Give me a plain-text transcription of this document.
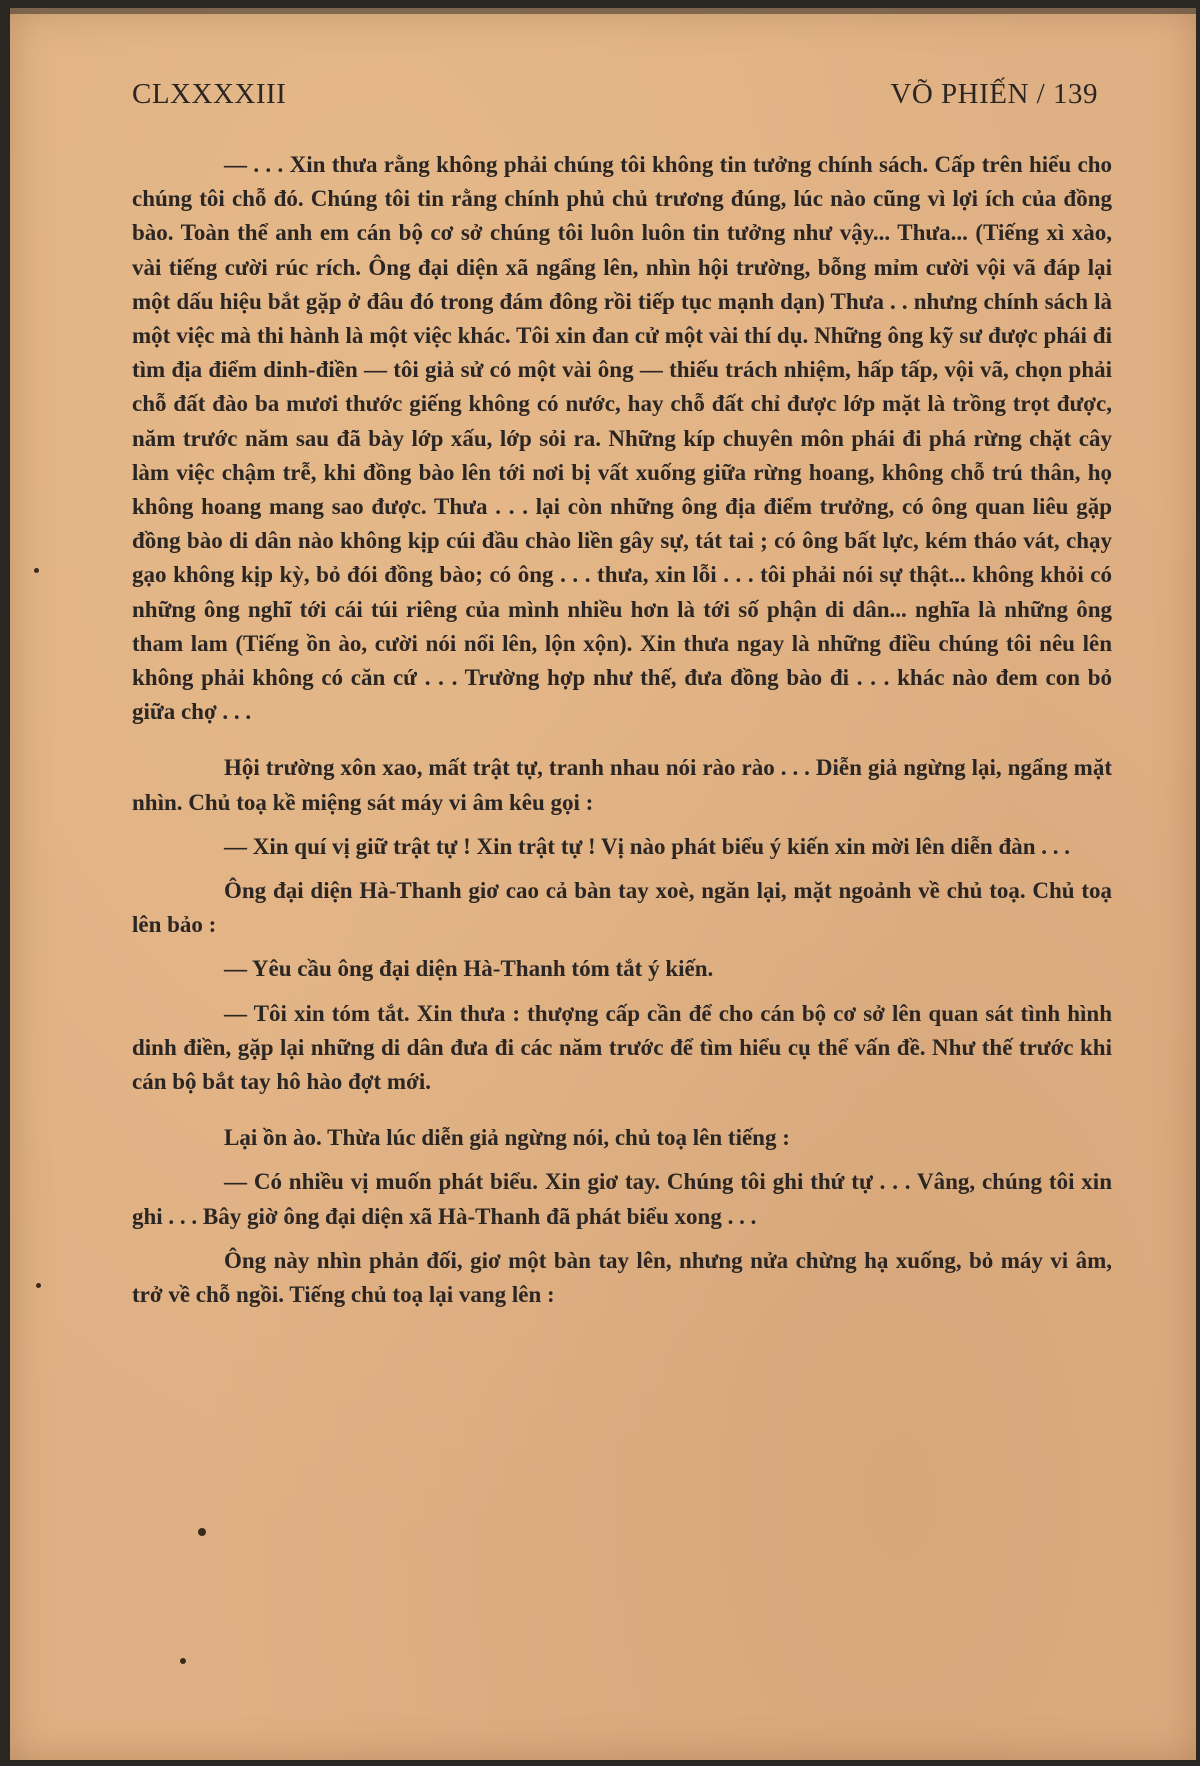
CLXXXXIII	VÕ PHIẾN / 139

— . . . Xin thưa rằng không phải chúng tôi không tin tưởng chính sách. Cấp trên hiểu cho chúng tôi chỗ đó. Chúng tôi tin rằng chính phủ chủ trương đúng, lúc nào cũng vì lợi ích của đồng bào. Toàn thể anh em cán bộ cơ sở chúng tôi luôn luôn tin tưởng như vậy... Thưa... (Tiếng xì xào, vài tiếng cười rúc rích. Ông đại diện xã ngẩng lên, nhìn hội trường, bỗng mỉm cười vội vã đáp lại một dấu hiệu bắt gặp ở đâu đó trong đám đông rồi tiếp tục mạnh dạn) Thưa . . nhưng chính sách là một việc mà thi hành là một việc khác. Tôi xin đan cử một vài thí dụ. Những ông kỹ sư được phái đi tìm địa điểm dinh-điền — tôi giả sử có một vài ông — thiếu trách nhiệm, hấp tấp, vội vã, chọn phải chỗ đất đào ba mươi thước giếng không có nước, hay chỗ đất chỉ được lớp mặt là trồng trọt được, năm trước năm sau đã bày lớp xấu, lớp sỏi ra. Những kíp chuyên môn phái đi phá rừng chặt cây làm việc chậm trễ, khi đồng bào lên tới nơi bị vất xuống giữa rừng hoang, không chỗ trú thân, họ không hoang mang sao được. Thưa . . . lại còn những ông địa điểm trưởng, có ông quan liêu gặp đồng bào di dân nào không kịp cúi đầu chào liền gây sự, tát tai ; có ông bất lực, kém tháo vát, chạy gạo không kịp kỳ, bỏ đói đồng bào; có ông . . . thưa, xin lỗi . . . tôi phải nói sự thật... không khỏi có những ông nghĩ tới cái túi riêng của mình nhiều hơn là tới số phận di dân... nghĩa là những ông tham lam (Tiếng ồn ào, cười nói nổi lên, lộn xộn). Xin thưa ngay là những điều chúng tôi nêu lên không phải không có căn cứ . . . Trường hợp như thế, đưa đồng bào đi . . . khác nào đem con bỏ giữa chợ . . .

Hội trường xôn xao, mất trật tự, tranh nhau nói rào rào . . . Diễn giả ngừng lại, ngẩng mặt nhìn. Chủ toạ kề miệng sát máy vi âm kêu gọi :

— Xin quí vị giữ trật tự ! Xin trật tự ! Vị nào phát biểu ý kiến xin mời lên diễn đàn . . .

Ông đại diện Hà-Thanh giơ cao cả bàn tay xoè, ngăn lại, mặt ngoảnh về chủ toạ. Chủ toạ lên bảo :

— Yêu cầu ông đại diện Hà-Thanh tóm tắt ý kiến.

— Tôi xin tóm tắt. Xin thưa : thượng cấp cần để cho cán bộ cơ sở lên quan sát tình hình dinh điền, gặp lại những di dân đưa đi các năm trước để tìm hiểu cụ thể vấn đề. Như thế trước khi cán bộ bắt tay hô hào đợt mới.

Lại ồn ào. Thừa lúc diễn giả ngừng nói, chủ toạ lên tiếng :

— Có nhiều vị muốn phát biểu. Xin giơ tay. Chúng tôi ghi thứ tự . . . Vâng, chúng tôi xin ghi . . . Bây giờ ông đại diện xã Hà-Thanh đã phát biểu xong . . .

Ông này nhìn phản đối, giơ một bàn tay lên, nhưng nửa chừng hạ xuống, bỏ máy vi âm, trở về chỗ ngồi. Tiếng chủ toạ lại vang lên :
